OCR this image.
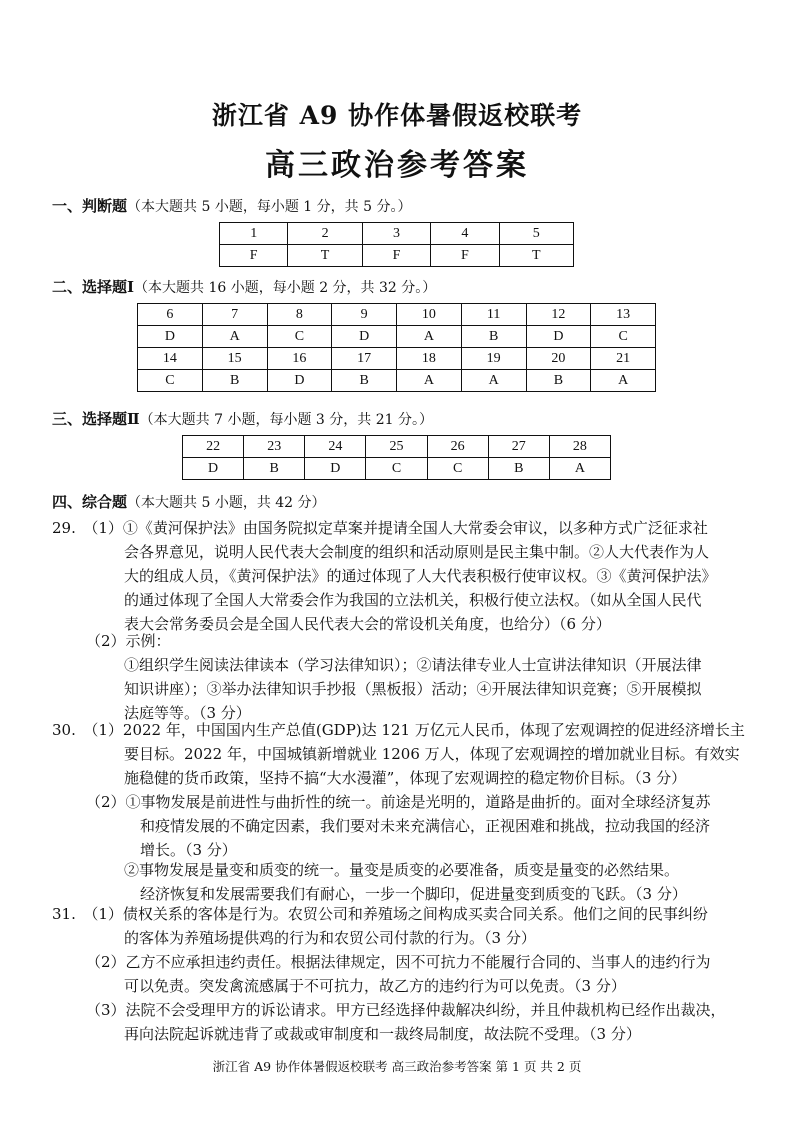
浙江省 A9 协作体暑假返校联考
高三政治参考答案
一、判断题（本大题共 5 小题，每小题 1 分，共 5 分。）
1	2	3	4	5
F	T	F	F	T
二、选择题Ⅰ（本大题共 16 小题，每小题 2 分，共 32 分。）
6	7	8	9	10	11	12	13
D	A	C	D	A	B	D	C
14	15	16	17	18	19	20	21
C	B	D	B	A	A	B	A
三、选择题Ⅱ（本大题共 7 小题，每小题 3 分，共 21 分。）
22	23	24	25	26	27	28
D	B	D	C	C	B	A
四、综合题（本大题共 5 小题，共 42 分）
29.　（1）①《黄河保护法》由国务院拟定草案并提请全国人大常委会审议，以多种方式广泛征求社
会各界意见，说明人民代表大会制度的组织和活动原则是民主集中制。②人大代表作为人
大的组成人员，《黄河保护法》的通过体现了人大代表积极行使审议权。③《黄河保护法》
的通过体现了全国人大常委会作为我国的立法机关，积极行使立法权。（如从全国人民代
表大会常务委员会是全国人民代表大会的常设机关角度，也给分）（6 分）
（2）示例：
①组织学生阅读法律读本（学习法律知识）；②请法律专业人士宣讲法律知识（开展法律
知识讲座）；③举办法律知识手抄报（黑板报）活动；④开展法律知识竞赛；⑤开展模拟
法庭等等。（3 分）
30.　（1）2022 年，中国国内生产总值(GDP)达 121 万亿元人民币，体现了宏观调控的促进经济增长主
要目标。2022 年，中国城镇新增就业 1206 万人，体现了宏观调控的增加就业目标。有效实
施稳健的货币政策，坚持不搞“大水漫灌”，体现了宏观调控的稳定物价目标。（3 分）
（2）①事物发展是前进性与曲折性的统一。前途是光明的，道路是曲折的。面对全球经济复苏
和疫情发展的不确定因素，我们要对未来充满信心，正视困难和挑战，拉动我国的经济
增长。（3 分）
②事物发展是量变和质变的统一。量变是质变的必要准备，质变是量变的必然结果。
经济恢复和发展需要我们有耐心，一步一个脚印，促进量变到质变的飞跃。（3 分）
31.　（1）债权关系的客体是行为。农贸公司和养殖场之间构成买卖合同关系。他们之间的民事纠纷
的客体为养殖场提供鸡的行为和农贸公司付款的行为。（3 分）
（2）乙方不应承担违约责任。根据法律规定，因不可抗力不能履行合同的、当事人的违约行为
可以免责。突发禽流感属于不可抗力，故乙方的违约行为可以免责。（3 分）
（3）法院不会受理甲方的诉讼请求。甲方已经选择仲裁解决纠纷，并且仲裁机构已经作出裁决，
再向法院起诉就违背了或裁或审制度和一裁终局制度，故法院不受理。（3 分）
浙江省 A9 协作体暑假返校联考 高三政治参考答案 第 1 页 共 2 页
